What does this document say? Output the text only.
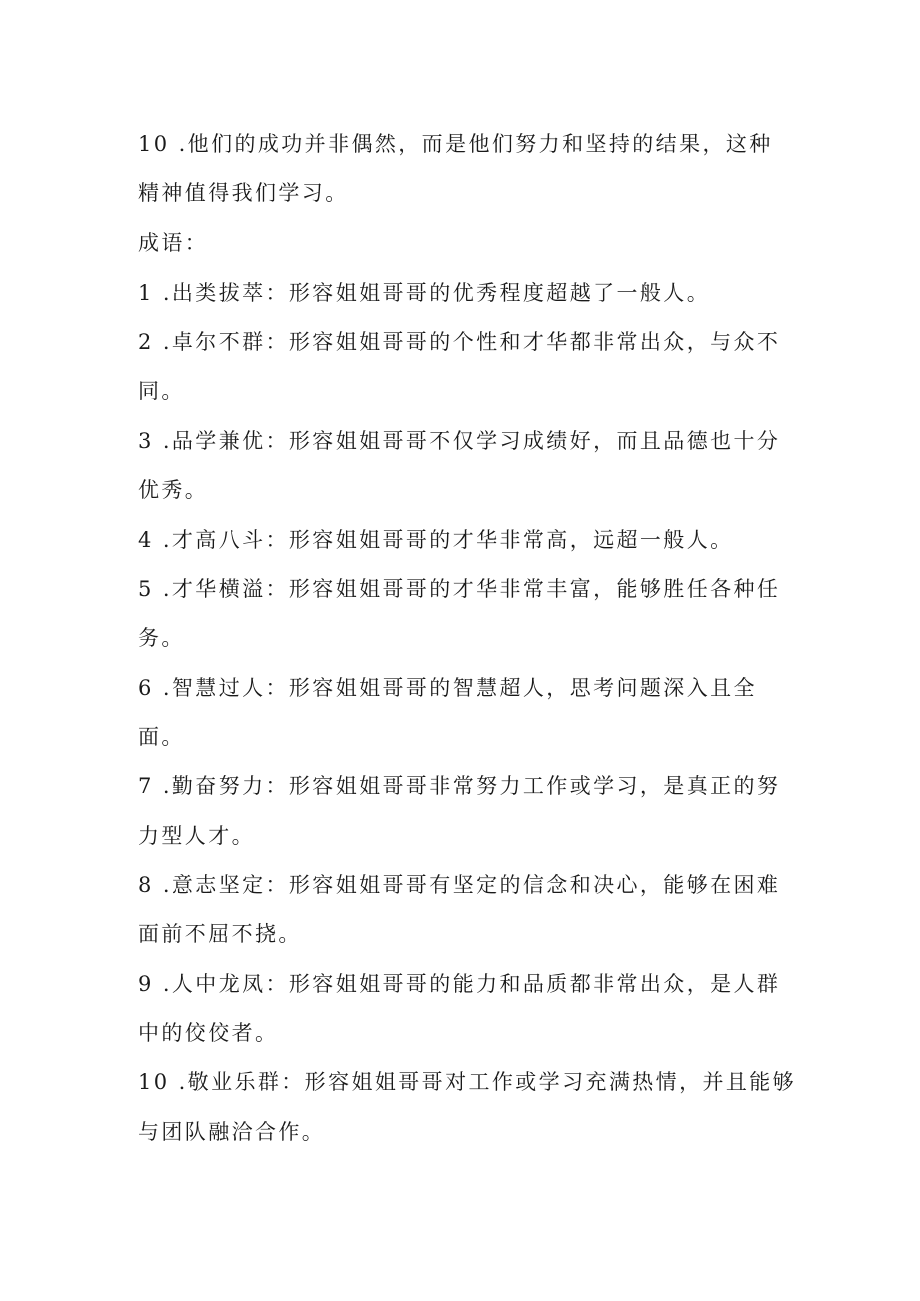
10 .他们的成功并非偶然，而是他们努力和坚持的结果，这种
精神值得我们学习。
成语：
1 .出类拔萃：形容姐姐哥哥的优秀程度超越了一般人。
2 .卓尔不群：形容姐姐哥哥的个性和才华都非常出众，与众不
同。
3 .品学兼优：形容姐姐哥哥不仅学习成绩好，而且品德也十分
优秀。
4 .才高八斗：形容姐姐哥哥的才华非常高，远超一般人。
5 .才华横溢：形容姐姐哥哥的才华非常丰富，能够胜任各种任
务。
6 .智慧过人：形容姐姐哥哥的智慧超人，思考问题深入且全
面。
7 .勤奋努力：形容姐姐哥哥非常努力工作或学习，是真正的努
力型人才。
8 .意志坚定：形容姐姐哥哥有坚定的信念和决心，能够在困难
面前不屈不挠。
9 .人中龙凤：形容姐姐哥哥的能力和品质都非常出众，是人群
中的佼佼者。
10 .敬业乐群：形容姐姐哥哥对工作或学习充满热情，并且能够
与团队融洽合作。
